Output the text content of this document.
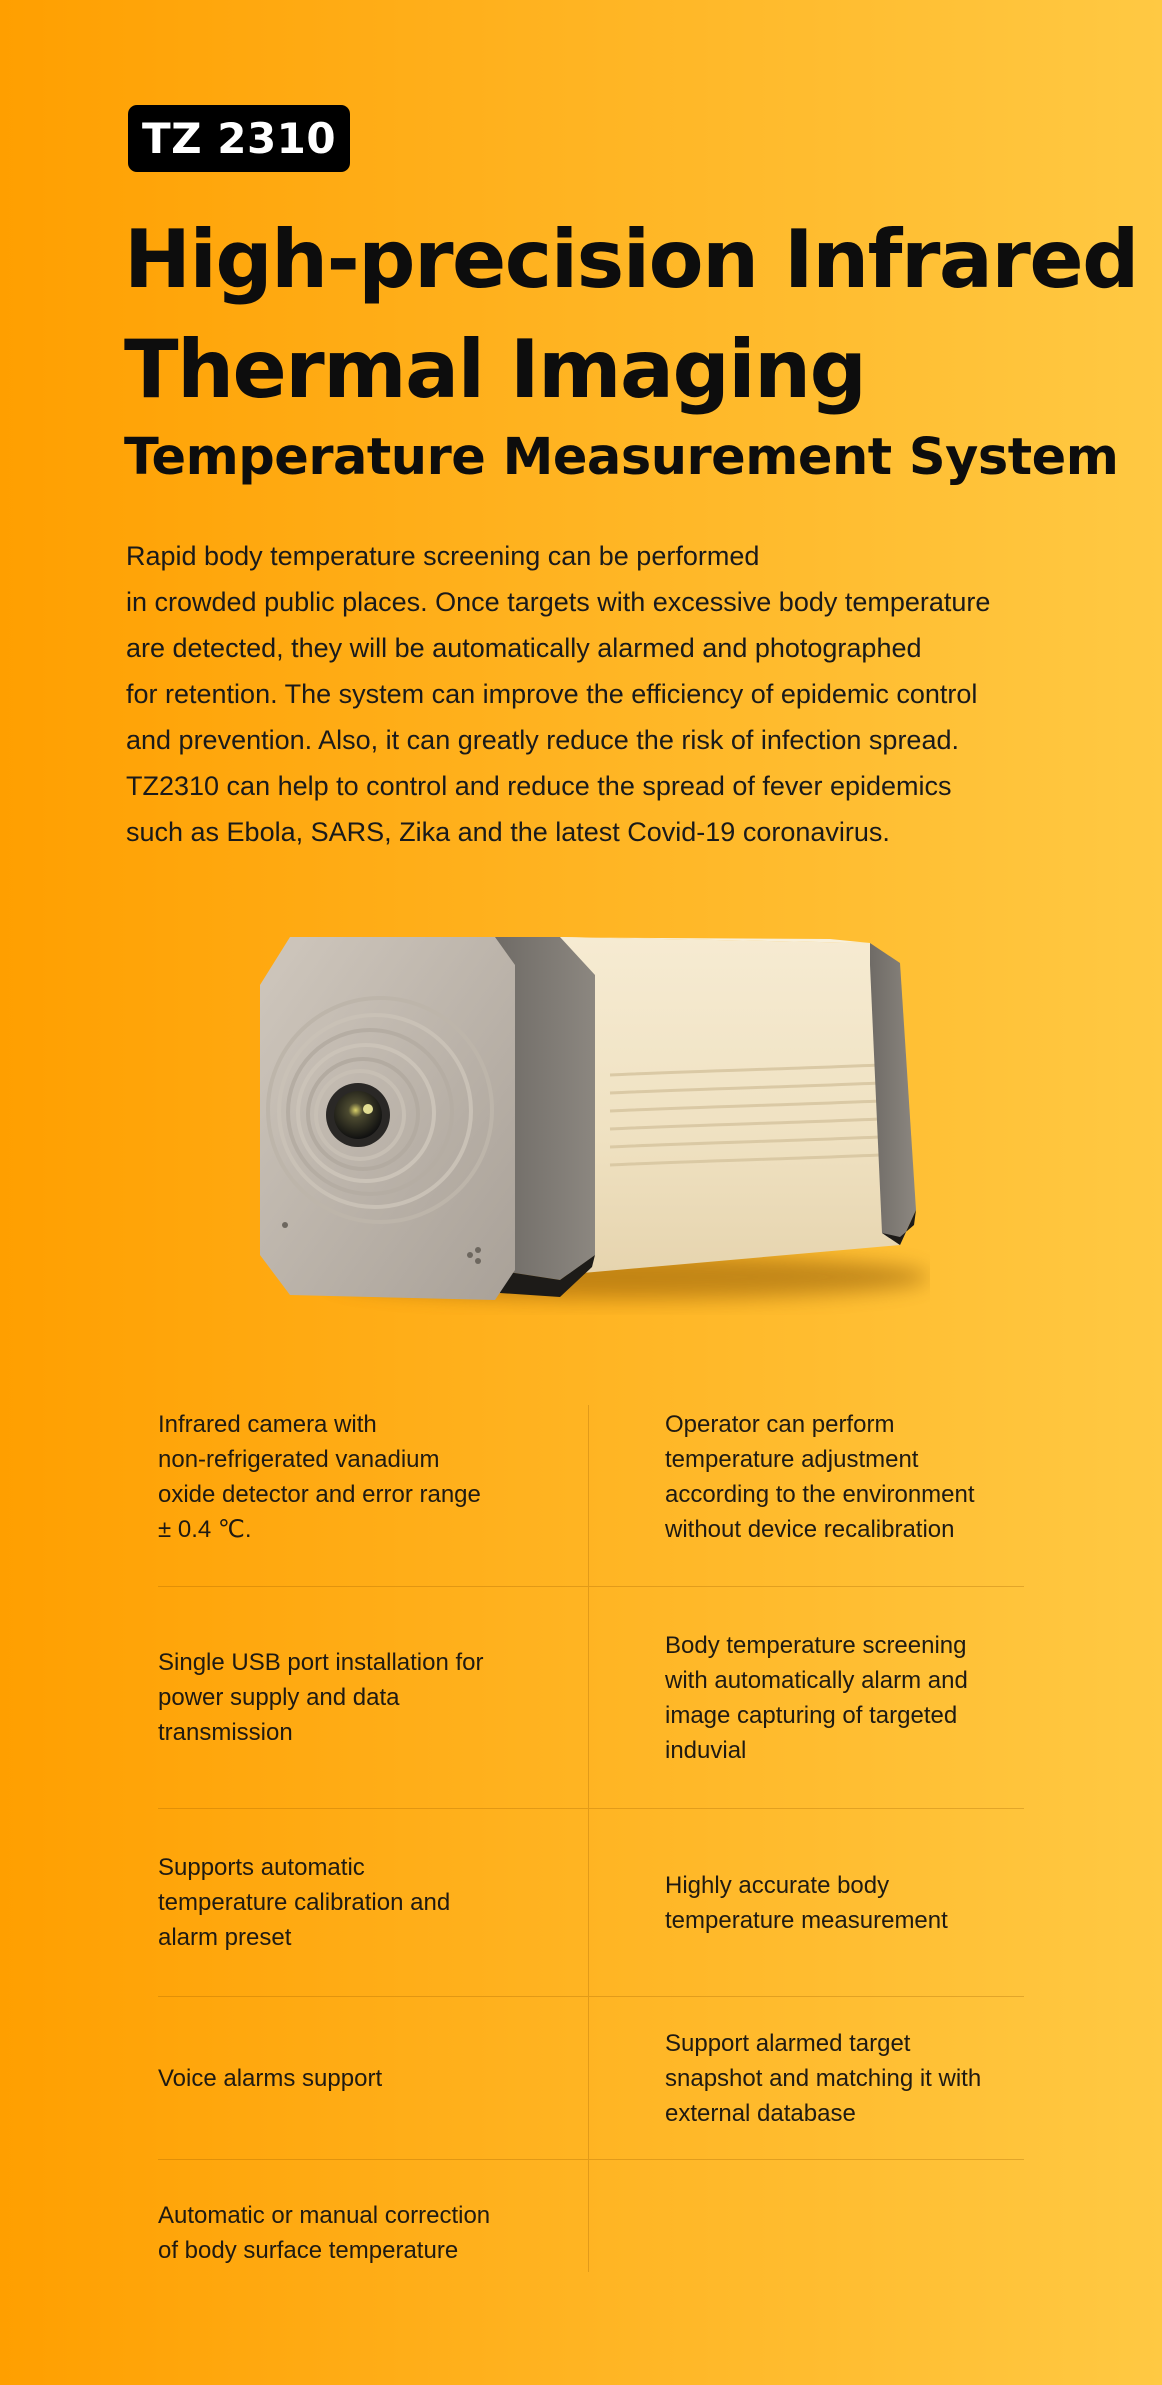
TZ 2310
High-precision Infrared
Thermal Imaging
Temperature Measurement System

Rapid body temperature screening can be performed
in crowded public places. Once targets with excessive body temperature
are detected, they will be automatically alarmed and photographed
for retention. The system can improve the efficiency of epidemic control
and prevention. Also, it can greatly reduce the risk of infection spread.
TZ2310 can help to control and reduce the spread of fever epidemics
such as Ebola, SARS, Zika and the latest Covid-19 coronavirus.

Infrared camera with
non-refrigerated vanadium
oxide detector and error range
± 0.4 ℃.
Operator can perform
temperature adjustment
according to the environment
without device recalibration
Single USB port installation for
power supply and data
transmission
Body temperature screening
with automatically alarm and
image capturing of targeted
induvial
Supports automatic
temperature calibration and
alarm preset
Highly accurate body
temperature measurement
Voice alarms support
Support alarmed target
snapshot and matching it with
external database
Automatic or manual correction
of body surface temperature
